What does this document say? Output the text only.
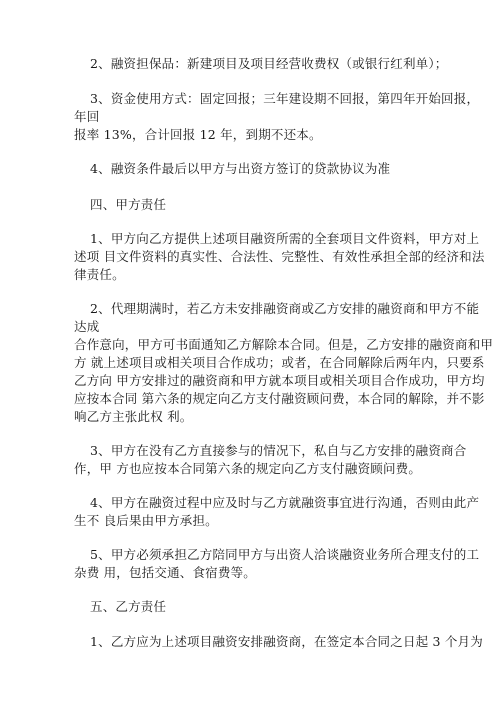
2、融资担保品：新建项目及项目经营收费权（或银行红利单）；
3、资金使用方式：固定回报；三年建设期不回报，第四年开始回报，
年回
报率 13%，合计回报 12 年，到期不还本。
4、融资条件最后以甲方与出资方签订的贷款协议为准
四、甲方责任
1、甲方向乙方提供上述项目融资所需的全套项目文件资料，甲方对上
述项 目文件资料的真实性、合法性、完整性、有效性承担全部的经济和法
律责任。
2、代理期满时，若乙方未安排融资商或乙方安排的融资商和甲方不能
达成
合作意向，甲方可书面通知乙方解除本合同。但是，乙方安排的融资商和甲
方 就上述项目或相关项目合作成功；或者，在合同解除后两年内，只要系
乙方向 甲方安排过的融资商和甲方就本项目或相关项目合作成功，甲方均
应按本合同 第六条的规定向乙方支付融资顾问费，本合同的解除，并不影
响乙方主张此权 利。
3、甲方在没有乙方直接参与的情况下，私自与乙方安排的融资商合
作，甲 方也应按本合同第六条的规定向乙方支付融资顾问费。
4、甲方在融资过程中应及时与乙方就融资事宜进行沟通，否则由此产
生不 良后果由甲方承担。
5、甲方必须承担乙方陪同甲方与出资人洽谈融资业务所合理支付的工
杂费 用，包括交通、食宿费等。
五、乙方责任
1、乙方应为上述项目融资安排融资商，在签定本合同之日起 3 个月为
